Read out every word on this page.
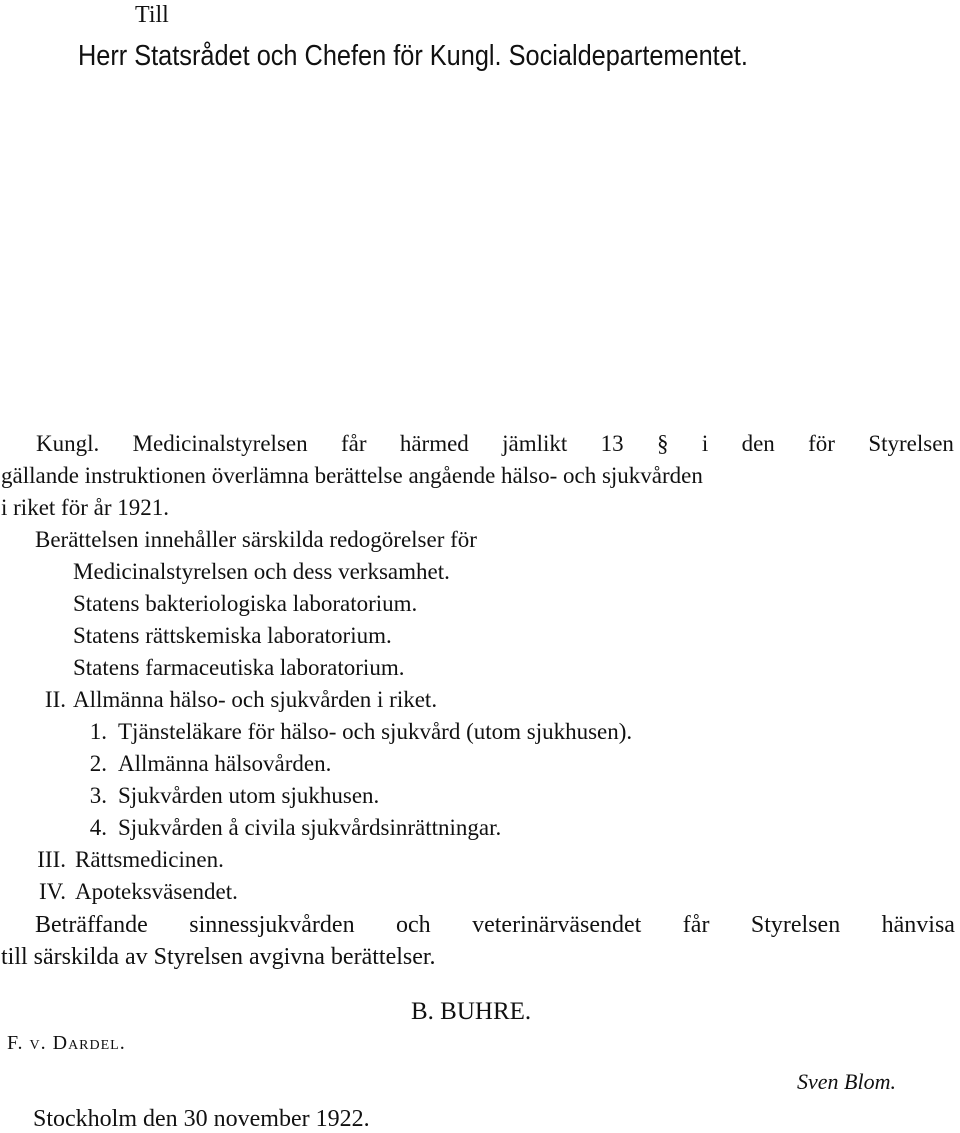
Till
Herr Statsrådet och Chefen för Kungl. Socialdepartementet.
Kungl. Medicinalstyrelsen får härmed jämlikt 13 § i den för Styrelsen
gällande instruktionen överlämna berättelse angående hälso- och sjukvården
i riket för år 1921.
Berättelsen innehåller särskilda redogörelser för
Medicinalstyrelsen och dess verksamhet.
Statens bakteriologiska laboratorium.
Statens rättskemiska laboratorium.
Statens farmaceutiska laboratorium.
II. Allmänna hälso- och sjukvården i riket.
1. Tjänsteläkare för hälso- och sjukvård (utom sjukhusen).
2. Allmänna hälsovården.
3. Sjukvården utom sjukhusen.
4. Sjukvården å civila sjukvårdsinrättningar.
III. Rättsmedicinen.
IV. Apoteksväsendet.
Beträffande sinnessjukvården och veterinärväsendet får Styrelsen hänvisa
till särskilda av Styrelsen avgivna berättelser.
B. BUHRE.
F. v. Dardel.
Sven Blom.
Stockholm den 30 november 1922.
